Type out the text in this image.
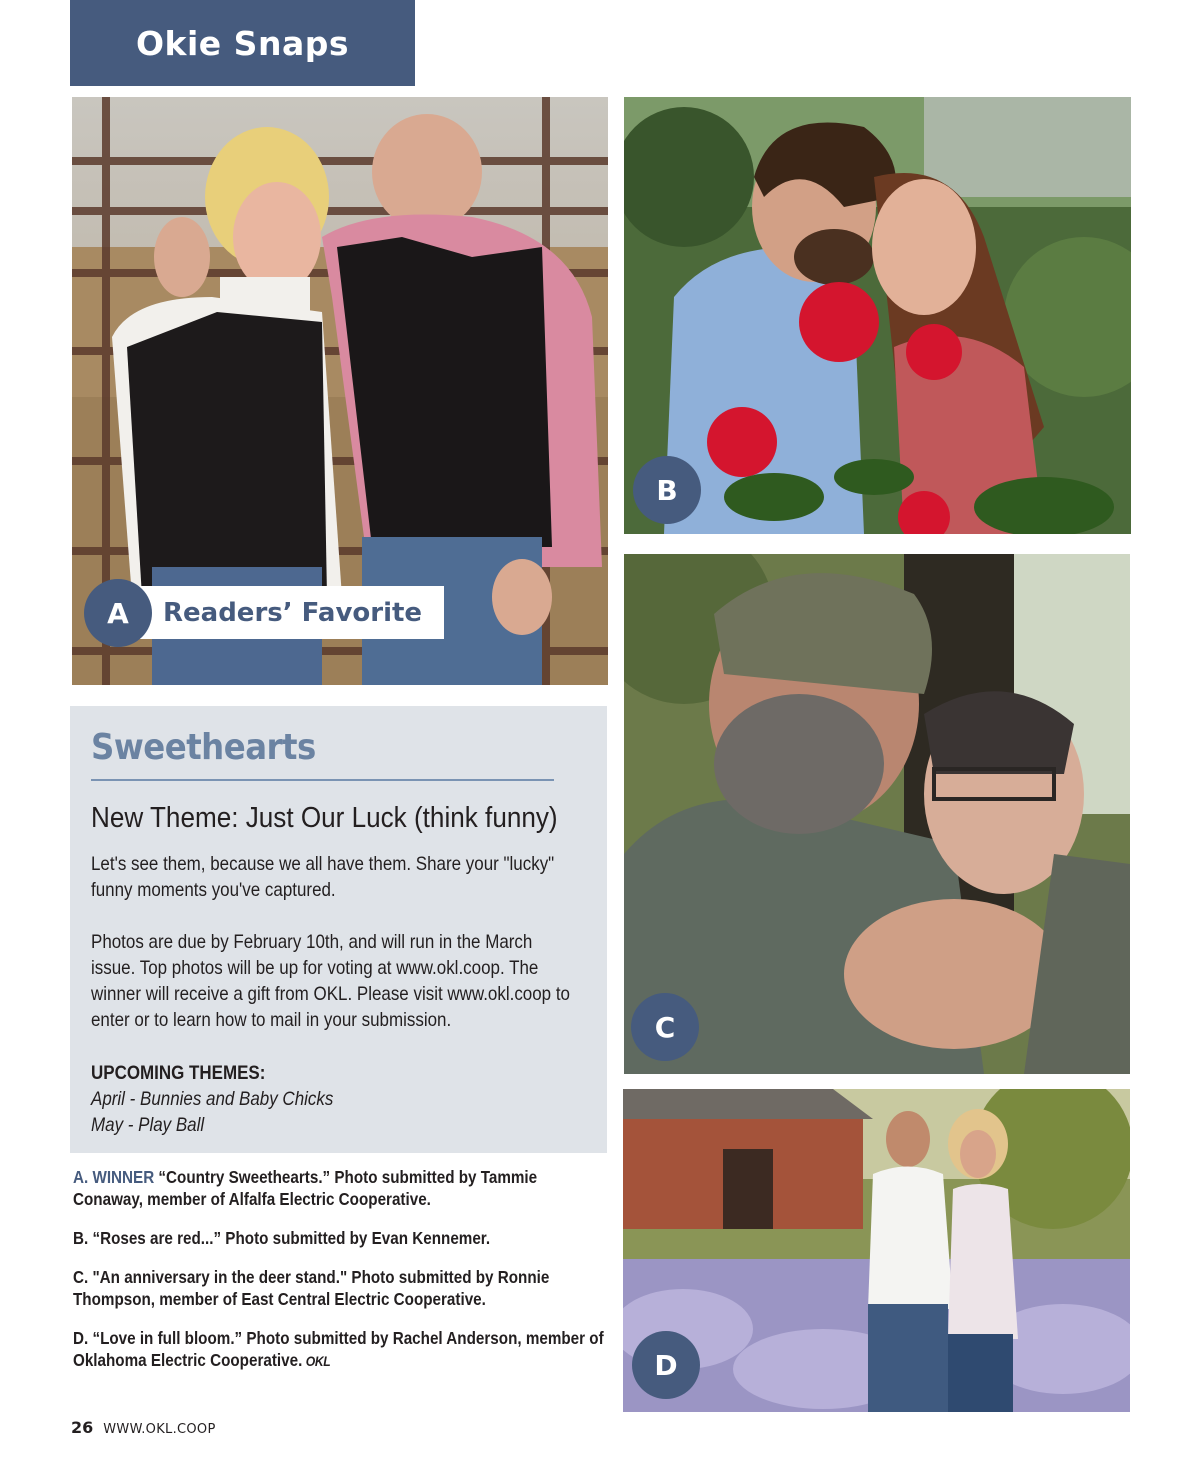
Okie Snaps
Readers’ Favorite
A
B
C
D
Sweethearts
New Theme: Just Our Luck (think funny)

Let's see them, because we all have them. Share your "lucky" funny moments you've captured.

Photos are due by February 10th, and will run in the March issue. Top photos will be up for voting at www.okl.coop. The winner will receive a gift from OKL. Please visit www.okl.coop to enter or to learn how to mail in your submission.

UPCOMING THEMES:
April - Bunnies and Baby Chicks
May - Play Ball

A. WINNER “Country Sweethearts.” Photo submitted by Tammie Conaway, member of Alfalfa Electric Cooperative.

B. “Roses are red...” Photo submitted by Evan Kennemer.

C. "An anniversary in the deer stand." Photo submitted by Ronnie Thompson, member of East Central Electric Cooperative.

D. “Love in full bloom.” Photo submitted by Rachel Anderson, member of Oklahoma Electric Cooperative. OKL

26 WWW.OKL.COOP
